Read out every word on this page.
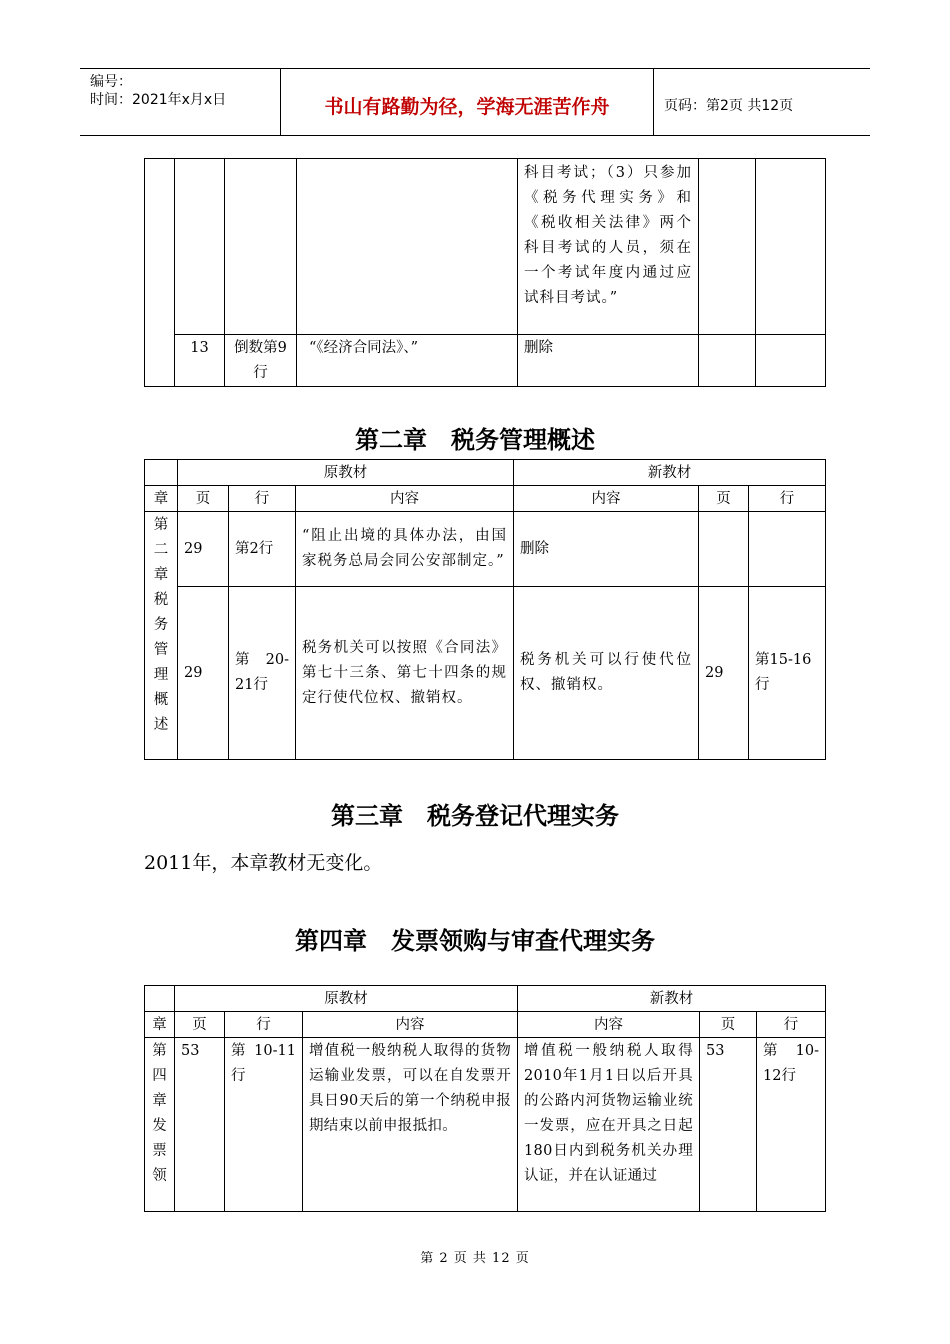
编号：
时间：2021年x月x日	书山有路勤为径，学海无涯苦作舟	页码：第2页 共12页
				科目考试；（3）只参加《税务代理实务》和《税收相关法律》两个科目考试的人员，须在一个考试年度内通过应试科目考试。”		
	13	倒数第9行	“《经济合同法》、”	删除		
第二章　税务管理概述
	原教材			新教材		
章	页	行	内容	内容	页	行
第二章税务管理概述	29	第2行	“阻止出境的具体办法，由国家税务总局会同公安部制定。”	删除		
	29	第 20-21行	税务机关可以按照《合同法》第七十三条、第七十四条的规定行使代位权、撤销权。	税务机关可以行使代位权、撤销权。	29	第15-16行
第三章　税务登记代理实务
2011年，本章教材无变化。
第四章　发票领购与审查代理实务
	原教材			新教材		
章	页	行	内容	内容	页	行
第四章发票领	53	第 10-11行	增值税一般纳税人取得的货物运输业发票，可以在自发票开具日90天后的第一个纳税申报期结束以前申报抵扣。	增值税一般纳税人取得2010年1月1日以后开具的公路内河货物运输业统一发票，应在开具之日起180日内到税务机关办理认证，并在认证通过	53	第 10-12行
第 2 页 共 12 页
